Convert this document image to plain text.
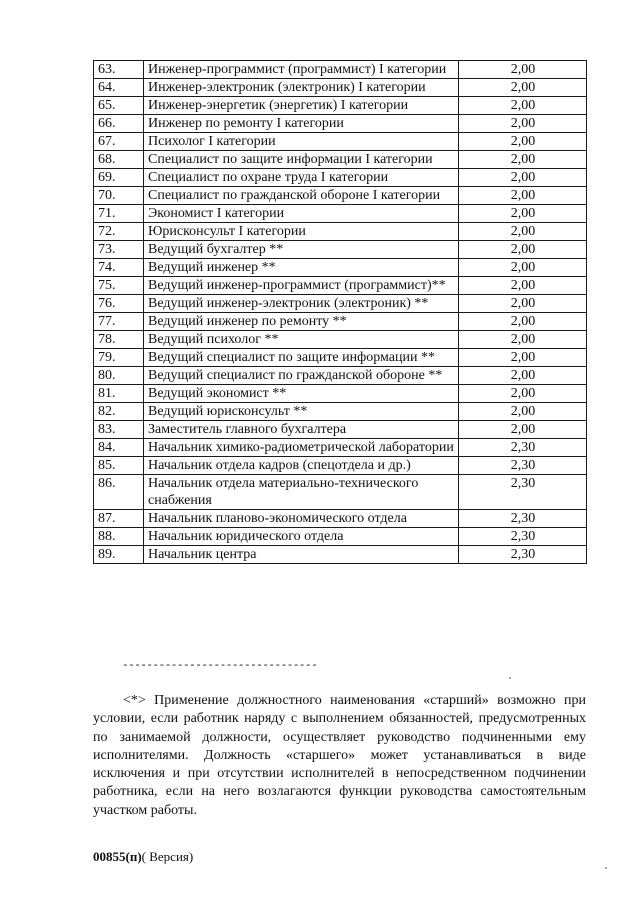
63.	Инженер-программист (программист) I категории	2,00
64.	Инженер-электроник (электроник) I категории	2,00
65.	Инженер-энергетик (энергетик) I категории	2,00
66.	Инженер по ремонту I категории	2,00
67.	Психолог I категории	2,00
68.	Специалист по защите информации I категории	2,00
69.	Специалист по охране труда I категории	2,00
70.	Специалист по гражданской обороне I категории	2,00
71.	Экономист I категории	2,00
72.	Юрисконсульт I категории	2,00
73.	Ведущий бухгалтер **	2,00
74.	Ведущий инженер **	2,00
75.	Ведущий инженер-программист (программист)**	2,00
76.	Ведущий инженер-электроник (электроник) **	2,00
77.	Ведущий инженер по ремонту **	2,00
78.	Ведущий психолог **	2,00
79.	Ведущий специалист по защите информации **	2,00
80.	Ведущий специалист по гражданской обороне **	2,00
81.	Ведущий экономист **	2,00
82.	Ведущий юрисконсульт **	2,00
83.	Заместитель главного бухгалтера	2,00
84.	Начальник химико-радиометрической лаборатории	2,30
85.	Начальник отдела кадров (спецотдела и др.)	2,30
86.	Начальник отдела материально-технического снабжения	2,30
87.	Начальник планово-экономического отдела	2,30
88.	Начальник юридического отдела	2,30
89.	Начальник центра	2,30
--------------------------------

<*> Применение должностного наименования «старший» возможно при условии, если работник наряду с выполнением обязанностей, предусмотренных по занимаемой должности, осуществляет руководство подчиненными ему исполнителями. Должность «старшего» может устанавливаться в виде исключения и при отсутствии исполнителей в непосредственном подчинении работника, если на него возлагаются функции руководства самостоятельным участком работы.

00855(п)( Версия)
